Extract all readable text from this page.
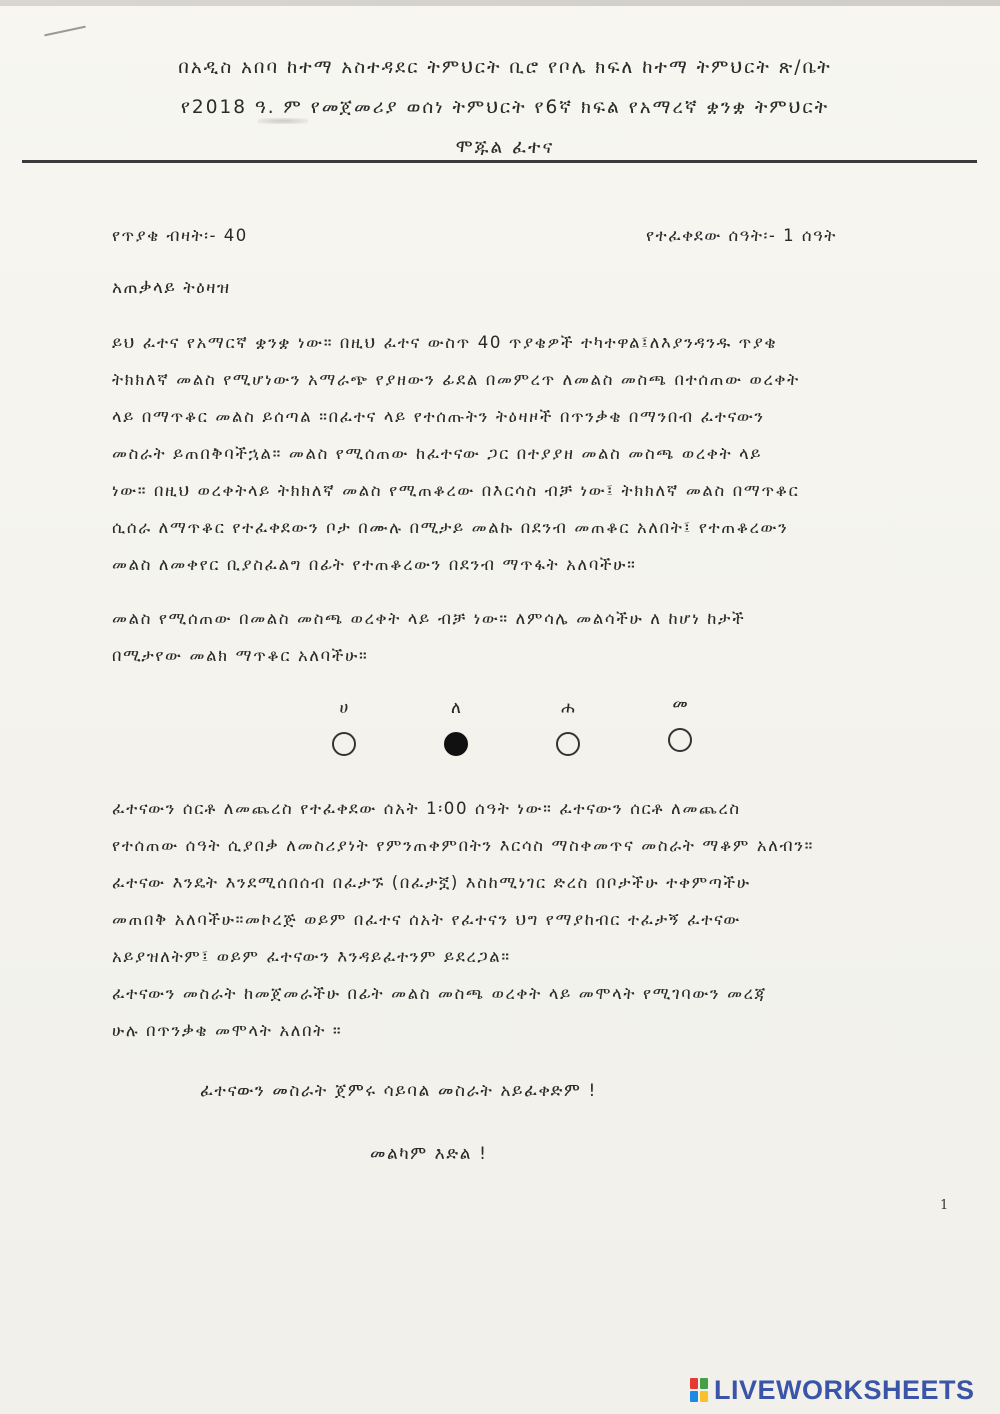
በአዲስ አበባ ከተማ አስተዳደር ትምህርት ቢሮ የቦሌ ክፍለ ከተማ ትምህርት ጽ/ቤት
የ2018 ዓ. ም የመጀመሪያ ወሰነ ትምህርት የ6ኛ ክፍል የአማረኛ ቋንቋ ትምህርት
ሞጁል ፈተና
የጥያቄ ብዛት፡- 40	የተፈቀደው ሰዓት፡- 1 ሰዓት
አጠቃላይ ትዕዛዝ
ይህ ፈተና የአማርኛ ቋንቋ ነው። በዚህ ፈተና ውስጥ 40 ጥያቄዎች ተካተዋል፤ለእያንዳንዱ ጥያቄ
ትክክለኛ መልስ የሚሆነውን አማራጭ የያዘውን ፊደል በመምረጥ ለመልስ መስጫ በተሰጠው ወረቀት
ላይ በማጥቆር መልስ ይሰጣል ።በፈተና ላይ የተሰጡትን ትዕዛዞች በጥንቃቄ በማንበብ ፈተናውን
መስራት ይጠበቅባችኋል። መልስ የሚሰጠው ከፈተናው ጋር በተያያዘ መልስ መስጫ ወረቀት ላይ
ነው። በዚህ ወረቀትላይ ትክክለኛ መልስ የሚጠቆረው በእርሳስ ብቻ ነው፤ ትክክለኛ መልስ በማጥቆር
ሲሰራ ለማጥቆር የተፈቀደውን ቦታ በሙሉ በሚታይ መልኩ በደንብ መጠቆር አለበት፤ የተጠቆረውን
መልስ ለመቀየር ቢያስፈልግ በፊት የተጠቆረውን በደንብ ማጥፋት አለባችሁ።
መልስ የሚሰጠው በመልስ መስጫ ወረቀት ላይ ብቻ ነው። ለምሳሌ መልሳችሁ ለ ከሆነ ከታች
በሚታየው መልክ ማጥቆር አለባችሁ።
ሀ	ለ	ሐ	መ
ፈተናውን ሰርቶ ለመጨረስ የተፈቀደው ሰአት 1፡00 ሰዓት ነው። ፈተናውን ሰርቶ ለመጨረስ
የተሰጠው ሰዓት ሲያበቃ ለመስሪያነት የምንጠቀምበትን እርሳስ ማስቀመጥና መስራት ማቆም አለብን።
ፈተናው እንዴት እንደሚሰበሰብ በፈታኙ (በፈታኟ) እስከሚነገር ድረስ በቦታችሁ ተቀምጣችሁ
መጠበቅ አለባችሁ።መኮረጅ ወይም በፈተና ሰአት የፈተናን ህግ የማያከብር ተፈታኝ ፈተናው
አይያዝለትም፤ ወይም ፈተናውን እንዳይፈተንም ይደረጋል።
ፈተናውን መስራት ከመጀመራችሁ በፊት መልስ መስጫ ወረቀት ላይ መሞላት የሚገባውን መረጃ
ሁሉ በጥንቃቄ መሞላት አለበት ።
ፈተናውን መስራት ጀምሩ ሳይባል መስራት አይፈቀድም !
መልካም እድል !
1
LIVEWORKSHEETS
